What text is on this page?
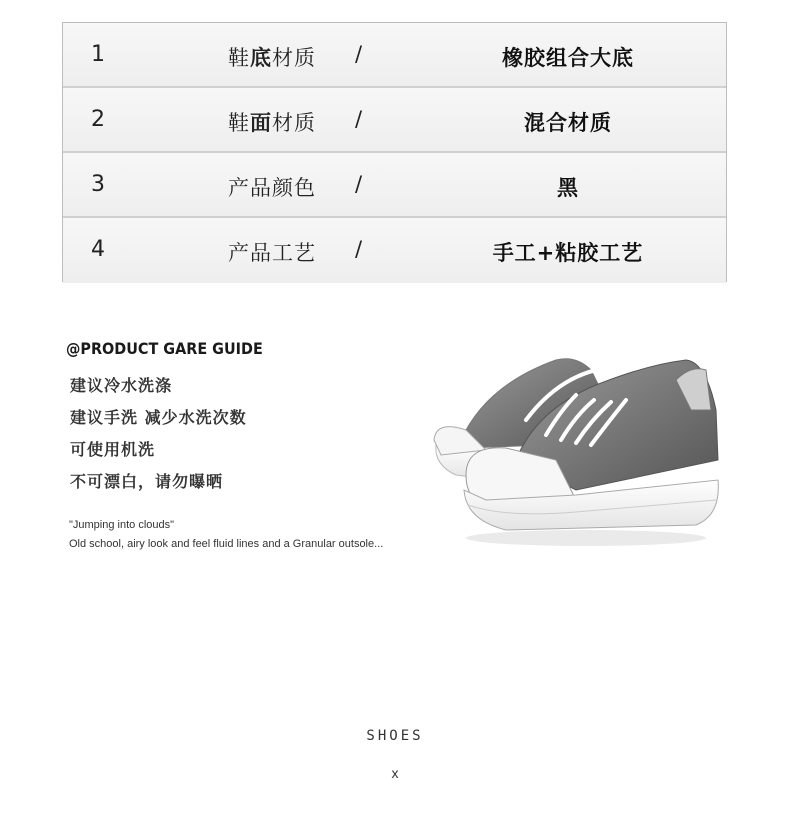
1	鞋底材质 /	橡胶组合大底
2	鞋面材质 /	混合材质
3	产品颜色 /	黑
4	产品工艺 /	手工+粘胶工艺
@PRODUCT GARE GUIDE
建议冷水洗涤
建议手洗 减少水洗次数
可使用机洗
不可漂白，请勿曝晒
"Jumping into clouds"
Old school, airy look and feel fluid lines and a Granular outsole...
SHOES
x
